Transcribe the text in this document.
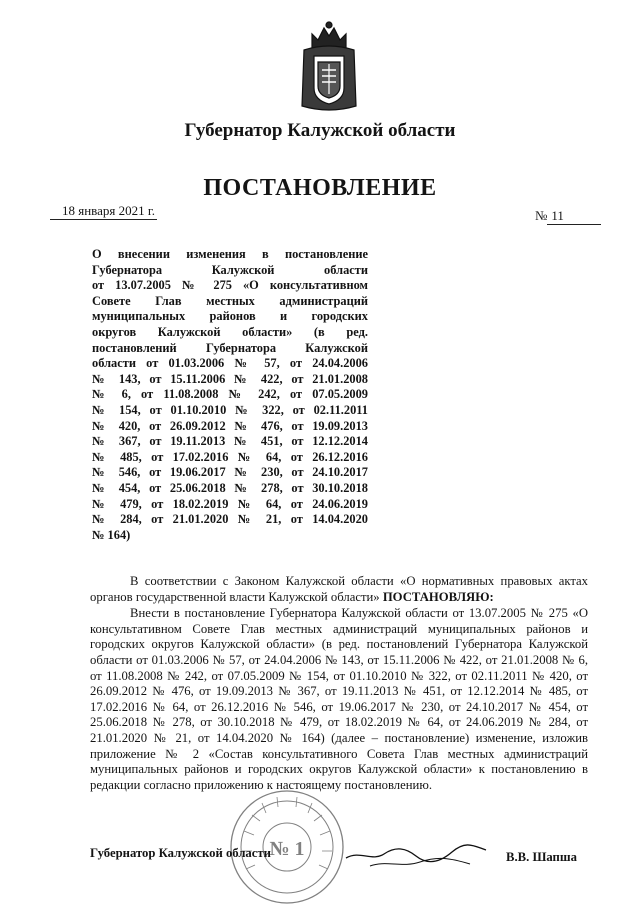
Губернатор Калужской области
ПОСТАНОВЛЕНИЕ
18 января 2021 г.	№ 11
О внесении изменения в постановление
Губернатора Калужской области
от 13.07.2005 № 275 «О консультативном
Совете Глав местных администраций
муниципальных районов и городских
округов Калужской области» (в ред.
постановлений Губернатора Калужской
области от 01.03.2006 № 57, от 24.04.2006
№ 143, от 15.11.2006 № 422, от 21.01.2008
№ 6, от 11.08.2008 № 242, от 07.05.2009
№ 154, от 01.10.2010 № 322, от 02.11.2011
№ 420, от 26.09.2012 № 476, от 19.09.2013
№ 367, от 19.11.2013 № 451, от 12.12.2014
№ 485, от 17.02.2016 № 64, от 26.12.2016
№ 546, от 19.06.2017 № 230, от 24.10.2017
№ 454, от 25.06.2018 № 278, от 30.10.2018
№ 479, от 18.02.2019 № 64, от 24.06.2019
№ 284, от 21.01.2020 № 21, от 14.04.2020
№ 164)

В соответствии с Законом Калужской области «О нормативных правовых актах органов государственной власти Калужской области» ПОСТАНОВЛЯЮ:

Внести в постановление Губернатора Калужской области от 13.07.2005 № 275 «О консультативном Совете Глав местных администраций муниципальных районов и городских округов Калужской области» (в ред. постановлений Губернатора Калужской области от 01.03.2006 № 57, от 24.04.2006 № 143, от 15.11.2006 № 422, от 21.01.2008 № 6, от 11.08.2008 № 242, от 07.05.2009 № 154, от 01.10.2010 № 322, от 02.11.2011 № 420, от 26.09.2012 № 476, от 19.09.2013 № 367, от 19.11.2013 № 451, от 12.12.2014 № 485, от 17.02.2016 № 64, от 26.12.2016 № 546, от 19.06.2017 № 230, от 24.10.2017 № 454, от 25.06.2018 № 278, от 30.10.2018 № 479, от 18.02.2019 № 64, от 24.06.2019 № 284, от 21.01.2020 № 21, от 14.04.2020 № 164) (далее – постановление) изменение, изложив приложение № 2 «Состав консультативного Совета Глав местных администраций муниципальных районов и городских округов Калужской области» к постановлению в редакции согласно приложению к настоящему постановлению.

№ 1
Губернатор Калужской области	В.В. Шапша
